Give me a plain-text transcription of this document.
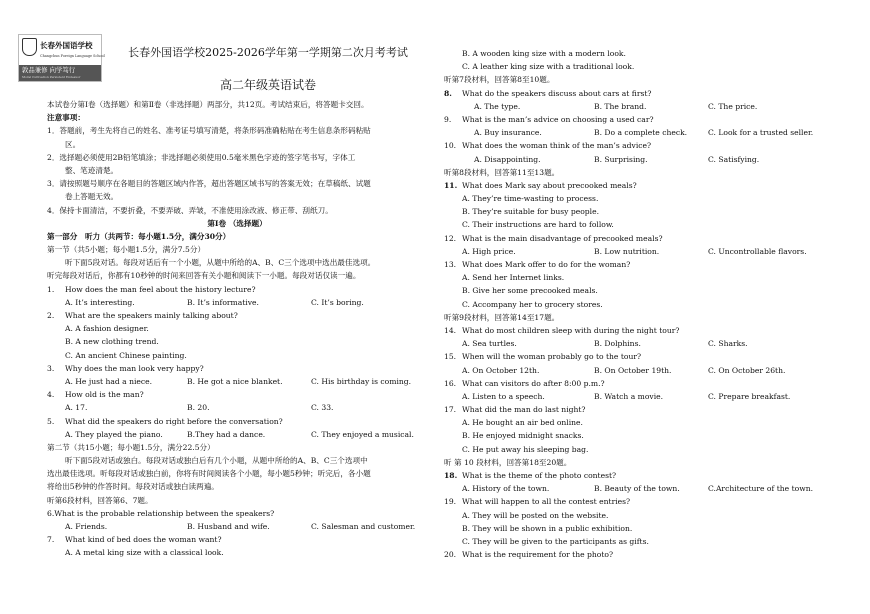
长春外国语学校
Changchun Foreign Language School
敦品兼修 向学笃行
Moral Cultivation Persistent Endeavor
长春外国语学校2025-2026学年第一学期第二次月考考试
高二年级英语试卷
本试卷分第Ⅰ卷（选择题）和第Ⅱ卷（非选择题）两部分，共12页。考试结束后，将答题卡交回。
注意事项：
1．答题前，考生先将自己的姓名、准考证号填写清楚，将条形码准确粘贴在考生信息条形码粘贴
区。
2．选择题必须使用2B铅笔填涂；非选择题必须使用0.5毫米黑色字迹的签字笔书写，字体工
整、笔迹清楚。
3．请按照题号顺序在各题目的答题区域内作答，超出答题区域书写的答案无效；在草稿纸、试题
卷上答题无效。
4．保持卡面清洁，不要折叠，不要弄破、弄皱，不准使用涂改液、修正带、刮纸刀。
第Ⅰ卷 （选择题）
第一部分　听力（共两节：每小题1.5分，满分30分）
第一节（共5小题；每小题1.5分，满分7.5分）
听下面5段对话。每段对话后有一个小题，从题中所给的A、B、C三个选项中选出最佳选项。
听完每段对话后，你都有10秒钟的时间来回答有关小题和阅读下一小题。每段对话仅读一遍。
1. How does the man feel about the history lecture?
A. It’s interesting.	B. It’s informative.	C. It’s boring.
2. What are the speakers mainly talking about?
A. A fashion designer.
B. A new clothing trend.
C. An ancient Chinese painting.
3. Why does the man look very happy?
A. He just had a niece.	B. He got a nice blanket.	C. His birthday is coming.
4. How old is the man?
A. 17.	B. 20.	C. 33.
5. What did the speakers do right before the conversation?
A. They played the piano.	B.They had a dance.	C. They enjoyed a musical.
第二节（共15小题；每小题1.5分，满分22.5分）
听下面5段对话或独白。每段对话或独白后有几个小题，从题中所给的A、B、C三个选项中
选出最佳选项。听每段对话或独白前，你将有时间阅读各个小题，每小题5秒钟；听完后，各小题
将给出5秒钟的作答时间。每段对话或独白读两遍。
听第6段材料，回答第6、7题。
6.What is the probable relationship between the speakers?
A. Friends.	B. Husband and wife.	C. Salesman and customer.
7. What kind of bed does the woman want?
A. A metal king size with a classical look.
B. A wooden king size with a modern look.
C. A leather king size with a traditional look.
听第7段材料，回答第8至10题。
8. What do the speakers discuss about cars at first?
A. The type.	B. The brand.	C. The price.
9. What is the man’s advice on choosing a used car?
A. Buy insurance.	B. Do a complete check.	C. Look for a trusted seller.
10. What does the woman think of the man’s advice?
A. Disappointing.	B. Surprising.	C. Satisfying.
听第8段材料，回答第11至13题。
11. What does Mark say about precooked meals?
A. They’re time-wasting to process.
B. They’re suitable for busy people.
C. Their instructions are hard to follow.
12. What is the main disadvantage of precooked meals?
A. High price.	B. Low nutrition.	C. Uncontrollable flavors.
13. What does Mark offer to do for the woman?
A. Send her Internet links.
B. Give her some precooked meals.
C. Accompany her to grocery stores.
听第9段材料，回答第14至17题。
14. What do most children sleep with during the night tour?
A. Sea turtles.	B. Dolphins.	C. Sharks.
15. When will the woman probably go to the tour?
A. On October 12th.	B. On October 19th.	C. On October 26th.
16. What can visitors do after 8:00 p.m.?
A. Listen to a speech.	B. Watch a movie.	C. Prepare breakfast.
17. What did the man do last night?
A. He bought an air bed online.
B. He enjoyed midnight snacks.
C. He put away his sleeping bag.
听 第 10 段材料，回答第18至20题。
18. What is the theme of the photo contest?
A. History of the town.	B. Beauty of the town.	C.Architecture of the town.
19. What will happen to all the contest entries?
A. They will be posted on the website.
B. They will be shown in a public exhibition.
C. They will be given to the participants as gifts.
20. What is the requirement for the photo?
